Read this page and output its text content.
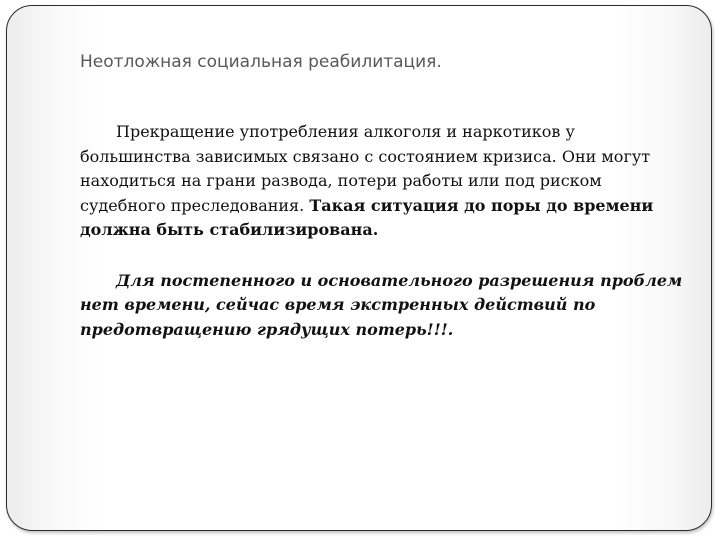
Неотложная социальная реабилитация.

Прекращение употребления алкоголя и наркотиков у большинства зависимых связано с состоянием кризиса. Они могут находиться на грани развода, потери работы или под риском судебного преследования. Такая ситуация до поры до времени должна быть стабилизирована.

Для постепенного и основательного разрешения проблем нет времени, сейчас время экстренных действий по предотвращению грядущих потерь!!!.
